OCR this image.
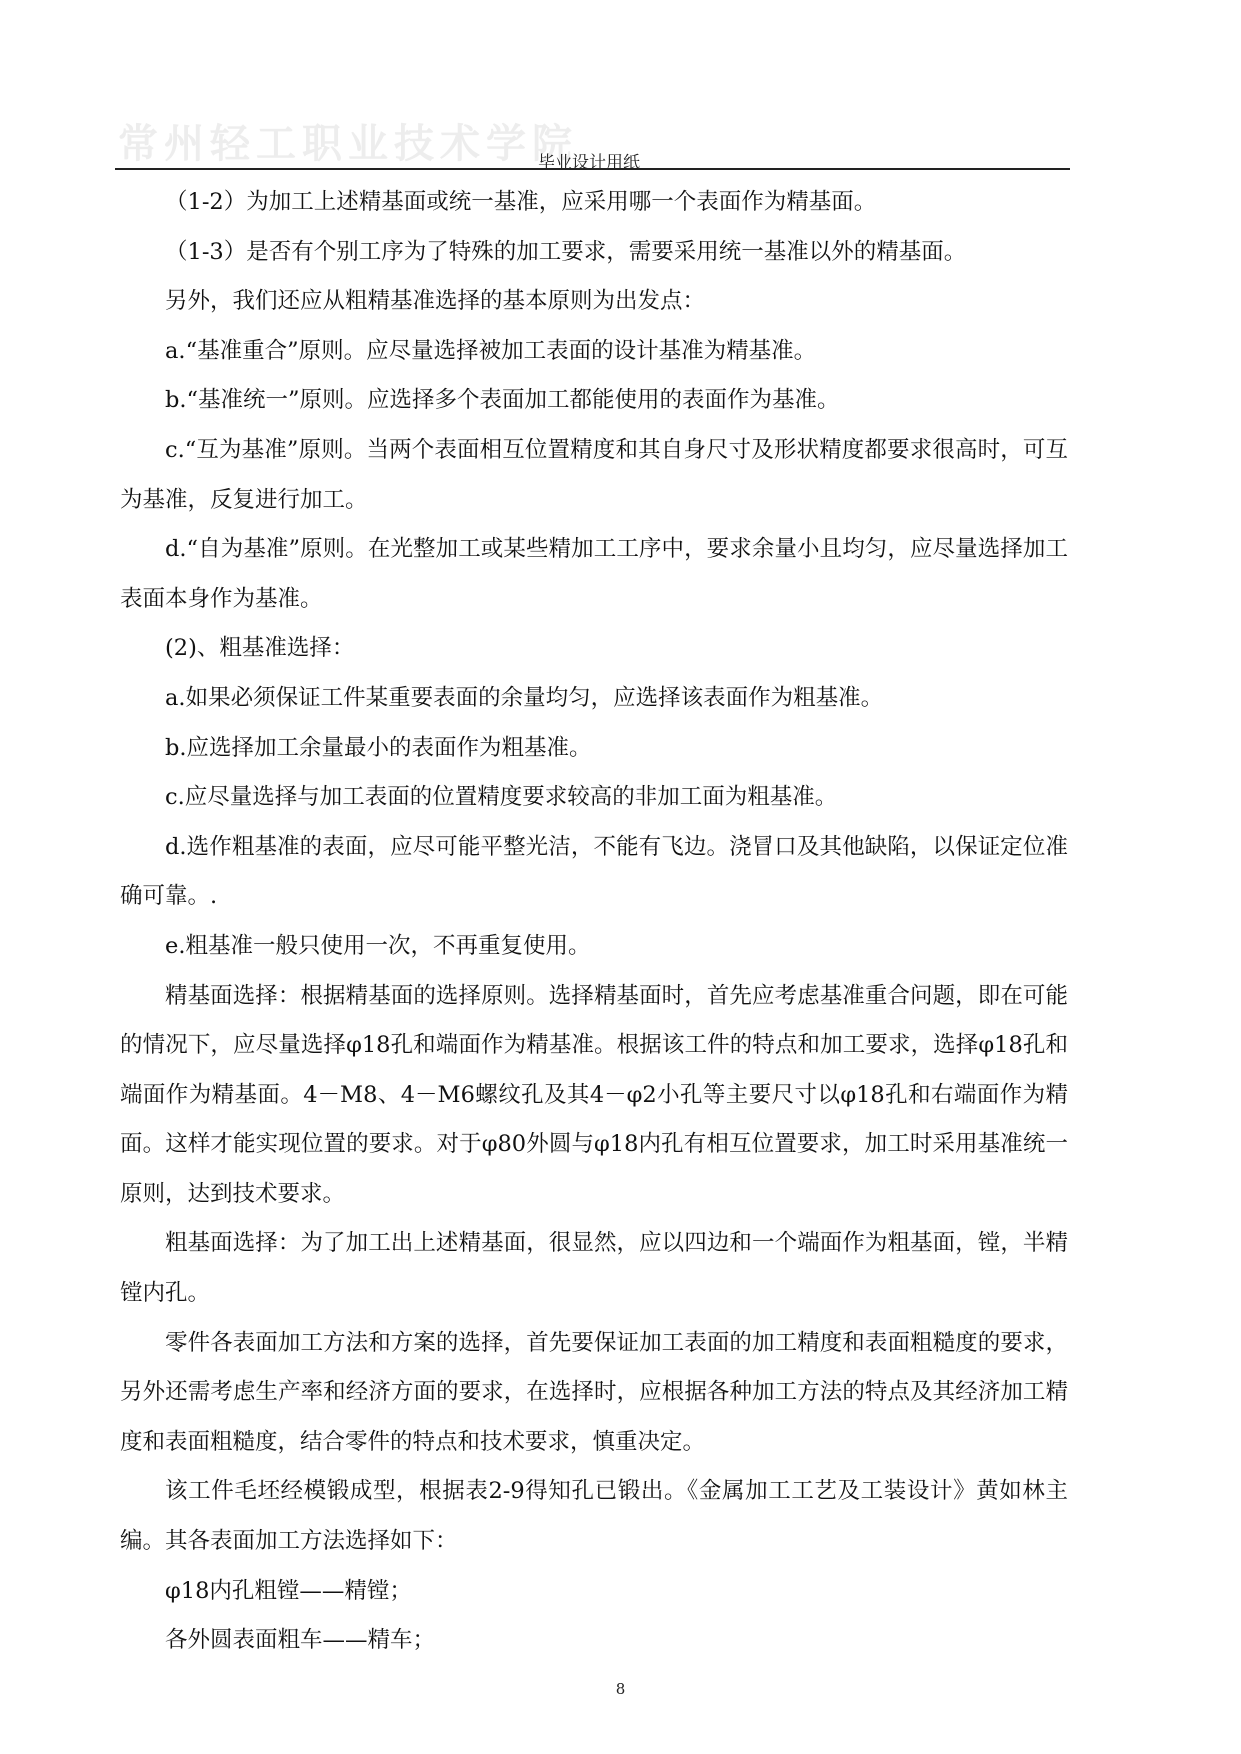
常州轻工职业技术学院
毕业设计用纸

（1-2）为加工上述精基面或统一基准，应采用哪一个表面作为精基面。

（1-3）是否有个别工序为了特殊的加工要求，需要采用统一基准以外的精基面。

另外，我们还应从粗精基准选择的基本原则为出发点：

a.“基准重合”原则。应尽量选择被加工表面的设计基准为精基准。

b.“基准统一”原则。应选择多个表面加工都能使用的表面作为基准。

c.“互为基准”原则。当两个表面相互位置精度和其自身尺寸及形状精度都要求很高时，可互为基准，反复进行加工。

d.“自为基准”原则。在光整加工或某些精加工工序中，要求余量小且均匀，应尽量选择加工表面本身作为基准。

(2)、粗基准选择：

a.如果必须保证工件某重要表面的余量均匀，应选择该表面作为粗基准。

b.应选择加工余量最小的表面作为粗基准。

c.应尽量选择与加工表面的位置精度要求较高的非加工面为粗基准。

d.选作粗基准的表面，应尽可能平整光洁，不能有飞边。浇冒口及其他缺陷，以保证定位准确可靠。.

e.粗基准一般只使用一次，不再重复使用。

精基面选择：根据精基面的选择原则。选择精基面时，首先应考虑基准重合问题，即在可能的情况下，应尽量选择φ18孔和端面作为精基准。根据该工件的特点和加工要求，选择φ18孔和端面作为精基面。4－M8、4－M6螺纹孔及其4－φ2小孔等主要尺寸以φ18孔和右端面作为精面。这样才能实现位置的要求。对于φ80外圆与φ18内孔有相互位置要求，加工时采用基准统一原则，达到技术要求。

粗基面选择：为了加工出上述精基面，很显然，应以四边和一个端面作为粗基面，镗，半精镗内孔。

零件各表面加工方法和方案的选择，首先要保证加工表面的加工精度和表面粗糙度的要求，另外还需考虑生产率和经济方面的要求，在选择时，应根据各种加工方法的特点及其经济加工精度和表面粗糙度，结合零件的特点和技术要求，慎重决定。

该工件毛坯经模锻成型，根据表2-9得知孔已锻出。《金属加工工艺及工装设计》黄如林主编。其各表面加工方法选择如下：

φ18内孔粗镗——精镗；

各外圆表面粗车——精车；

8
